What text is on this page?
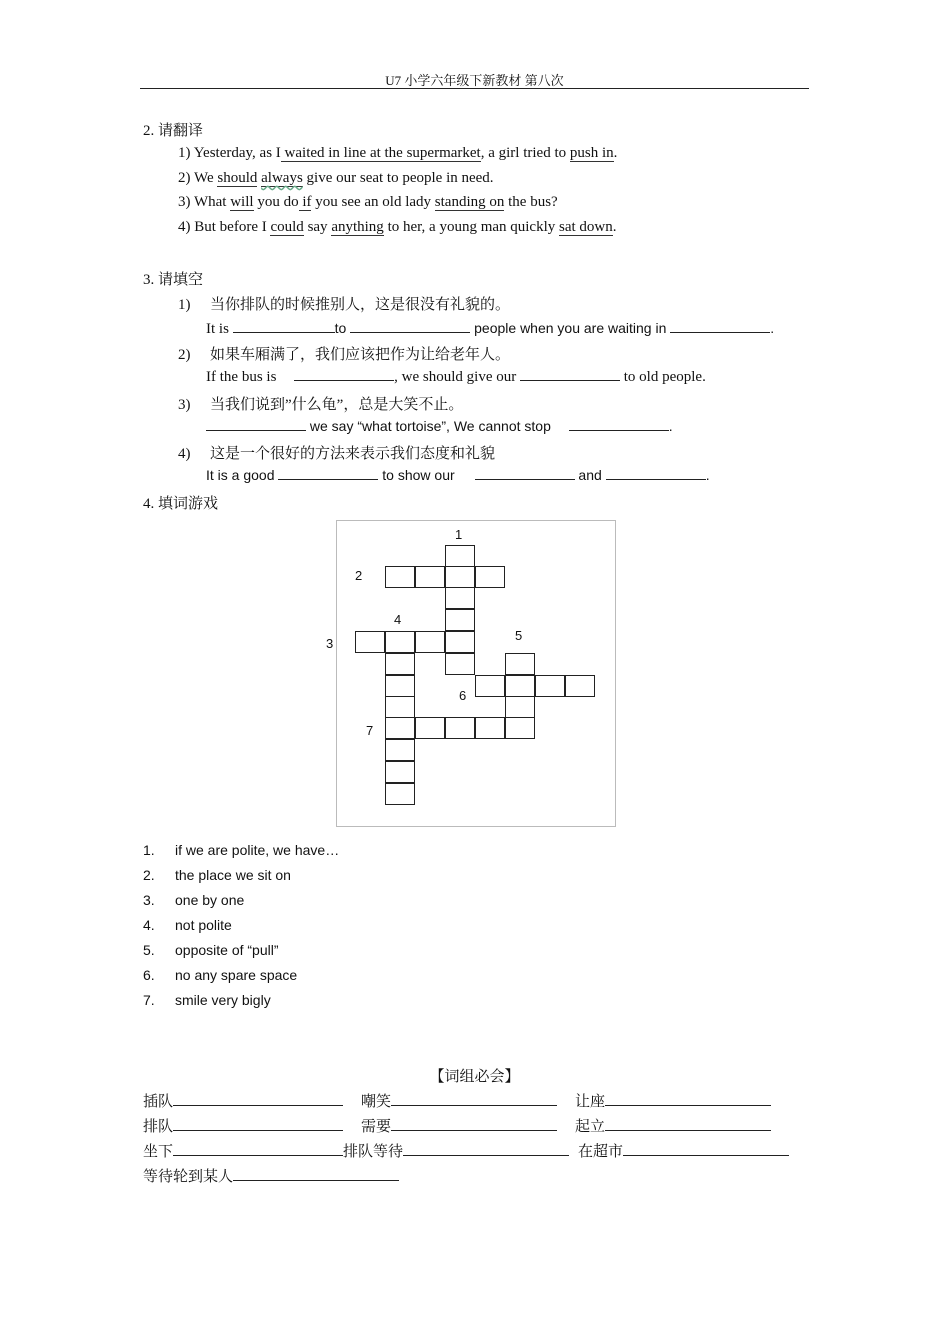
U7 小学六年级下新教材 第八次
2. 请翻译
1) Yesterday, as I waited in line at the supermarket, a girl tried to push in.
2) We should always give our seat to people in need.
3) What will you do if you see an old lady standing on the bus?
4) But before I could say anything to her, a young man quickly sat down.
3. 请填空
1) 当你排队的时候推别人，这是很没有礼貌的。
It is	to	people when you are waiting in	.
2) 如果车厢满了，我们应该把作为让给老年人。
If the bus is	, we should give our	to old people.
3) 当我们说到”什么龟”，总是大笑不止。
we say “what tortoise”, We cannot stop	.
4) 这是一个很好的方法来表示我们态度和礼貌
It is a good	to show our	and	.
4. 填词游戏
1
2
3
4
5
6
7
1. if we are polite, we have…
2. the place we sit on
3. one by one
4. not polite
5. opposite of “pull”
6. no any spare space
7. smile very bigly
【词组必会】
插队	嘲笑	让座
排队	需要	起立
坐下	排队等待	在超市
等待轮到某人
